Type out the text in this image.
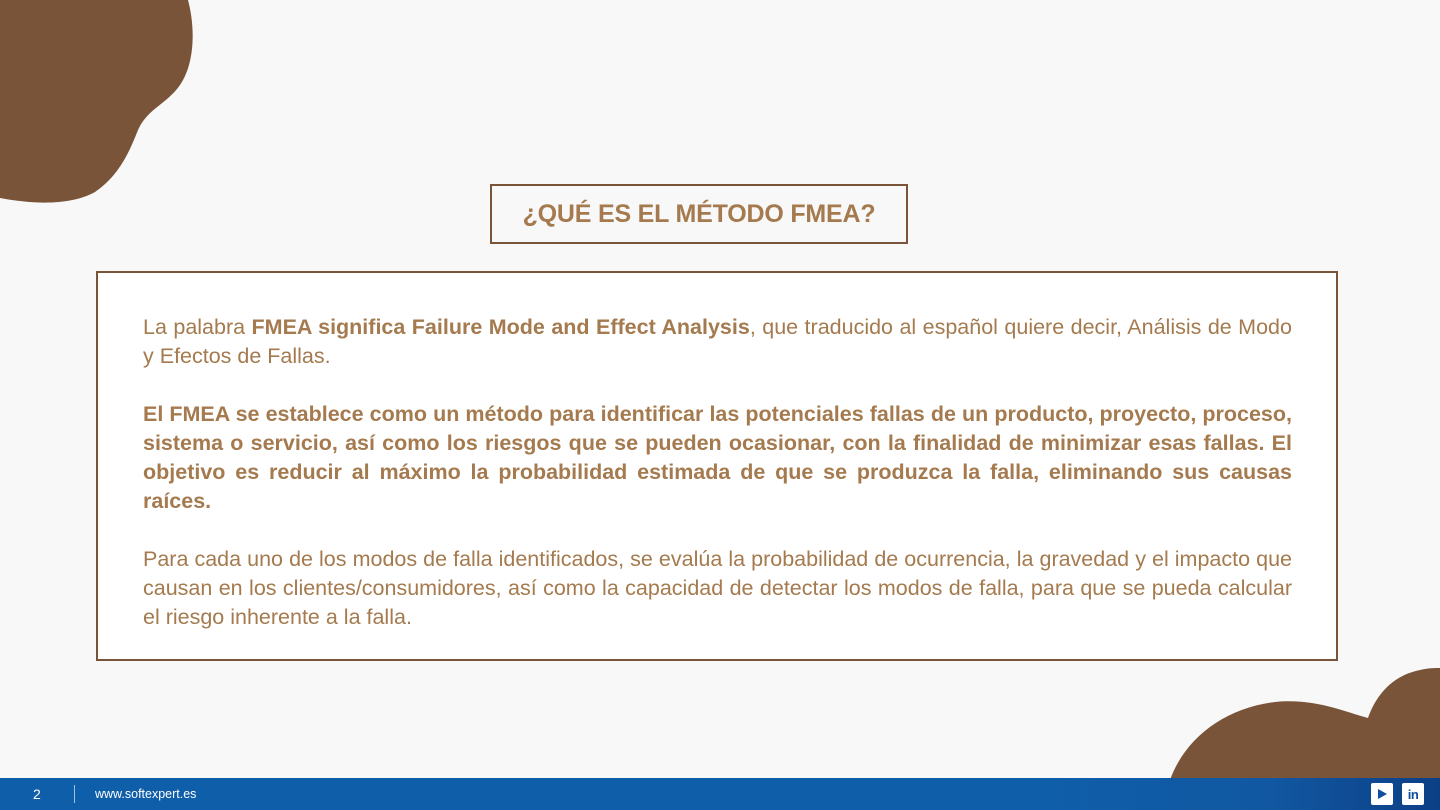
¿QUÉ ES EL MÉTODO FMEA?

La palabra FMEA significa Failure Mode and Effect Analysis, que traducido al español quiere decir, Análisis de Modo y Efectos de Fallas.

El FMEA se establece como un método para identificar las potenciales fallas de un producto, proyecto, proceso, sistema o servicio, así como los riesgos que se pueden ocasionar, con la finalidad de minimizar esas fallas. El objetivo es reducir al máximo la probabilidad estimada de que se produzca la falla, eliminando sus causas raíces.

Para cada uno de los modos de falla identificados, se evalúa la probabilidad de ocurrencia, la gravedad y el impacto que causan en los clientes/consumidores, así como la capacidad de detectar los modos de falla, para que se pueda calcular el riesgo inherente a la falla.

2	www.softexpert.es	in
